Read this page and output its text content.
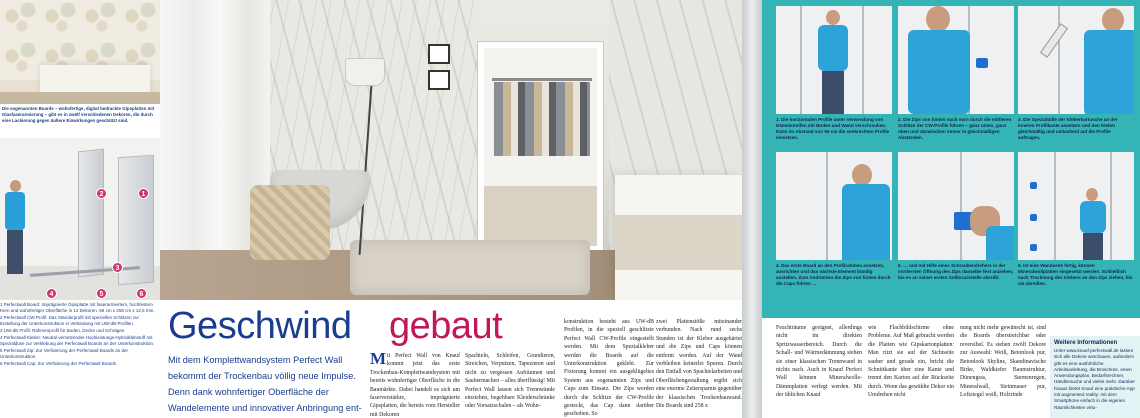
Die sogenannten Boards – wohnfertige, digital bedruckte Gipsplatten mit Glasfaserarmierung – gibt es in zwölf verschiedenen Dekoren, die durch eine Lackierung gegen äußere Einwirkungen geschützt sind.
2	1
3
4	5	6
1 Perfectwall Board: Imprägnierte Gipsplatte mit faserarmiertem, hochfestem Kern und wohnfertiger Oberfläche in 12 Dekoren. 59 cm x 258 cm x 12,5 mm.
2 Perfectwall CW-Profil: Das Ständerprofil mit speziellen Schlitzen zur Erstellung der Unterkonstruktion in Verbindung mit UW-dB-Profilen.
3 UW-dB Profil: Rahmenprofil für Boden, Decke und Schrägen.
4 Perfectwall Kleber: Neutral vernetzender Hochleistungs-Hybridklebstoff mit Spezialdüse zur Verklebung der Perfectwall Boards an der Unterkonstruktion.
5 Perfectwall Zip: Zur Verfixierung der Perfectwall Boards an der Unterkonstruktion.
6 Perfectwall Cap: Zur Verfixierung der Perfectwall Boards
Geschwind gebaut
Mit dem Komplettwandsystem Perfect Wall bekommt der Trockenbau völlig neue Impulse. Denn dank wohnfertiger Oberfläche der Wandelemente und innovativer Anbringung ent-
Mit Perfect Wall von Knauf kommt jetzt das erste Trockenbau-Komplettwandsystem mit bereits wohnfertiger Oberfläche in die Baumärkte. Dabei handelt es sich um faserverstärkte, imprägnierte Gipsplatten, die bereits vom Hersteller mit Dekoren
Spachteln, Schleifen, Grundieren, Streichen, Verputzen, Tapezieren und nicht zu vergessen Aufräumen und Saubermachen – alles überflüssig! Mit Perfect Wall lassen sich Trennwände einziehen, begehbare Kleiderschränke oder Vorsatzschalen – als Wohn-
konstruktion besteht aus UW-dB Profilen, in die speziell geschlitzte Perfect Wall CW-Profile eingestellt werden. Mit dem Spezialkleber werden die Boards auf die Unterkonstruktion geklebt. Zur Fixierung kommt ein ausgeklügeltes System aus sogenannten Zips und Caps zum Einsatz. Die Zips werden durch die Schlitze der CW-Profile gesteckt, das Cap dann darüber geschoben. So
zwei Plattenstöße miteinander verbunden. Nach rund sechs Stunden ist der Kleber ausgehärtet und die Zips und Caps können entfernt werden. Auf der Wand verbleiben keinerlei Spuren. Durch den Entfall von Spachtelarbeiten und Oberflächengestaltung ergibt sich eine enorme Zeitersparnis gegenüber der klassischen Trockenbauwand. Die Boards sind 258 x
1. Die horizontalen Profile unter Verwendung von Dämmstreifen mit Boden und Wand verschrauben. Dann im Abstand von 56 cm die senkrechten Profile einsetzen.
2. Die Zips von hinten nach vorn durch die mittleren Schlitze der CW-Profile führen – ganz unten, ganz oben und dazwischen immer in gleichmäßigen Abständen.
3. Die Spezialtülle der Kleberkartusche an der inneren Profilkante ansetzen und den Kleber gleichmäßig und umlaufend auf die Profile auftragen.
4. Das erste Board an den Profilrahmen ansetzen, ausrichten und das nächste Element bündig anstellen. Zum Andrücken die Zips von hinten durch die Caps führen …
5. … und mit Hilfe eines Schraubendrehers in der vordersten Öffnung des Zips dasselbe fest anziehen, bis es an seiner ersten Sollbruchstelle abreißt.
6. Ist eine Wandseite fertig, können Mineralwollplatten eingesetzt werden. Schließlich nach Trocknung des Klebers an den Zips ziehen, bis sie abreißen.
Feuchträume geeignet, allerdings nicht im direkten Spritzwasserbereich. Durch die Schall- und Wärmedämmung stehen sie einer klassischen Trennwand in nichts nach. Auch in Knauf Perfect Wall können Mineralwolle-Dämmplatten verlegt werden. Mit der üblichen Knauf
wie Flachbildschirme ohne Probleme. Auf Maß gebracht werden die Platten wie Gipskartonplatten: Man ritzt sie auf der Sichtseite sauber und gerade ein, bricht die Schnittkante über eine Kante und trennt den Karton auf der Rückseite durch. Wenn das gewählte Dekor ein Umdrehen nicht
nung nicht mehr gewünscht ist, sind die Boards überstreichbar oder reversibel. Es stehen zwölf Dekore zur Auswahl: Weiß, Betonlook pur, Betonlook Skyline, Skandinavische Birke, Waldkiefer Baumstruktur, Dünengras, Sternenregen, Mineralwall, Steinmauer pur, Loftziegel weiß, Holzrinde
Weitere Informationen
Unter www.knauf-perfectwall.de lassen sich alle Dekore anschauen, außerdem gibt es eine ausführliche Arbeitsanleitung, die Broschüre, einen Anwendungsplan, Bedarfsrechner, Händlersuche und vieles mehr. Darüber hinaus bietet Knauf eine praktische App mit augmented reality: mit dem Smartphone einfach in die eigenen Räumlichkeiten virtu-
